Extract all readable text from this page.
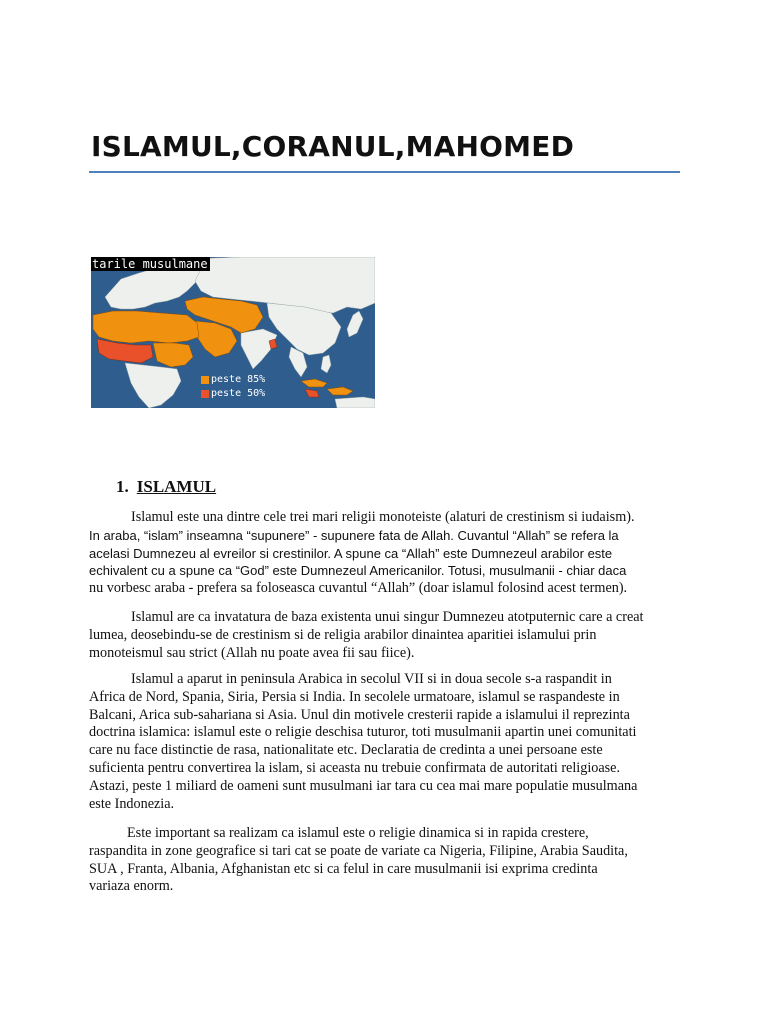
ISLAMUL,CORANUL,MAHOMED
tarile musulmane
peste 85%
peste 50%
1. ISLAMUL

Islamul este una dintre cele trei mari religii monoteiste (alaturi de crestinism si iudaism).
In araba, “islam” inseamna “supunere” - supunere fata de Allah. Cuvantul “Allah” se refera la
acelasi Dumnezeu al evreilor si crestinilor. A spune ca “Allah” este Dumnezeul arabilor este
echivalent cu a spune ca “God” este Dumnezeul Americanilor. Totusi, musulmanii - chiar daca
nu vorbesc araba - prefera sa foloseasca cuvantul “Allah” (doar islamul folosind acest termen).

Islamul are ca invatatura de baza existenta unui singur Dumnezeu atotputernic care a creat
lumea, deosebindu-se de crestinism si de religia arabilor dinaintea aparitiei islamului prin
monoteismul sau strict (Allah nu poate avea fii sau fiice).

Islamul a aparut in peninsula Arabica in secolul VII si in doua secole s-a raspandit in
Africa de Nord, Spania, Siria, Persia si India. In secolele urmatoare, islamul se raspandeste in
Balcani, Arica sub-sahariana si Asia. Unul din motivele cresterii rapide a islamului il reprezinta
doctrina islamica: islamul este o religie deschisa tuturor, toti musulmanii apartin unei comunitati
care nu face distinctie de rasa, nationalitate etc. Declaratia de credinta a unei persoane este
suficienta pentru convertirea la islam, si aceasta nu trebuie confirmata de autoritati religioase.
Astazi, peste 1 miliard de oameni sunt musulmani iar tara cu cea mai mare populatie musulmana
este Indonezia.

Este important sa realizam ca islamul este o religie dinamica si in rapida crestere,
raspandita in zone geografice si tari cat se poate de variate ca Nigeria, Filipine, Arabia Saudita,
SUA , Franta, Albania, Afghanistan etc si ca felul in care musulmanii isi exprima credinta
variaza enorm.
